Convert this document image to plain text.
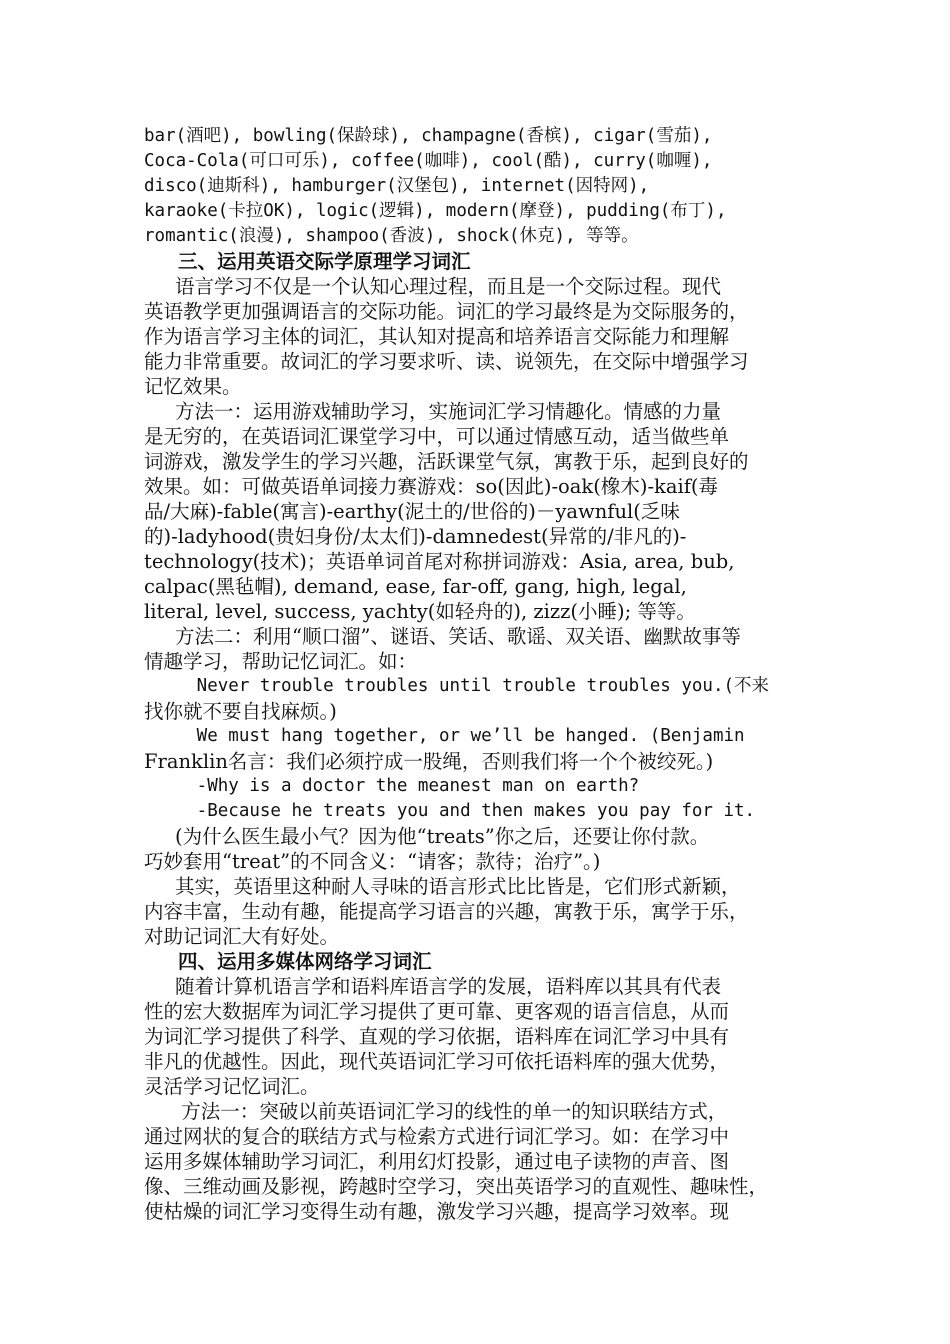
bar(酒吧), bowling(保龄球), champagne(香槟), cigar(雪茄),
Coca-Cola(可口可乐), coffee(咖啡), cool(酷), curry(咖喱),
disco(迪斯科), hamburger(汉堡包), internet(因特网),
karaoke(卡拉OK), logic(逻辑), modern(摩登), pudding(布丁),
romantic(浪漫), shampoo(香波), shock(休克), 等等。
三、运用英语交际学原理学习词汇
语言学习不仅是一个认知心理过程，而且是一个交际过程。现代
英语教学更加强调语言的交际功能。词汇的学习最终是为交际服务的，
作为语言学习主体的词汇，其认知对提高和培养语言交际能力和理解
能力非常重要。故词汇的学习要求听、读、说领先，在交际中增强学习
记忆效果。
方法一：运用游戏辅助学习，实施词汇学习情趣化。情感的力量
是无穷的，在英语词汇课堂学习中，可以通过情感互动，适当做些单
词游戏，激发学生的学习兴趣，活跃课堂气氛，寓教于乐，起到良好的
效果。如：可做英语单词接力赛游戏：so(因此)-oak(橡木)-kaif(毒
品/大麻)-fable(寓言)-earthy(泥土的/世俗的)－yawnful(乏味
的)-ladyhood(贵妇身份/太太们)-damnedest(异常的/非凡的)-
technology(技术)；英语单词首尾对称拼词游戏：Asia, area, bub,
calpac(黑毡帽), demand, ease, far-off, gang, high, legal,
literal, level, success, yachty(如轻舟的), zizz(小睡); 等等。
方法二：利用“顺口溜”、谜语、笑话、歌谣、双关语、幽默故事等
情趣学习，帮助记忆词汇。如：
Never trouble troubles until trouble troubles you.(不来
找你就不要自找麻烦。)
We must hang together, or we’ll be hanged. (Benjamin
Franklin名言：我们必须拧成一股绳，否则我们将一个个被绞死。)
-Why is a doctor the meanest man on earth?
-Because he treats you and then makes you pay for it.
(为什么医生最小气？因为他“treats”你之后，还要让你付款。
巧妙套用“treat”的不同含义：“请客；款待；治疗”。)
其实，英语里这种耐人寻味的语言形式比比皆是，它们形式新颖，
内容丰富，生动有趣，能提高学习语言的兴趣，寓教于乐，寓学于乐，
对助记词汇大有好处。
四、运用多媒体网络学习词汇
随着计算机语言学和语料库语言学的发展，语料库以其具有代表
性的宏大数据库为词汇学习提供了更可靠、更客观的语言信息，从而
为词汇学习提供了科学、直观的学习依据，语料库在词汇学习中具有
非凡的优越性。因此，现代英语词汇学习可依托语料库的强大优势，
灵活学习记忆词汇。
方法一：突破以前英语词汇学习的线性的单一的知识联结方式，
通过网状的复合的联结方式与检索方式进行词汇学习。如：在学习中
运用多媒体辅助学习词汇，利用幻灯投影，通过电子读物的声音、图
像、三维动画及影视，跨越时空学习，突出英语学习的直观性、趣味性，
使枯燥的词汇学习变得生动有趣，激发学习兴趣，提高学习效率。现
